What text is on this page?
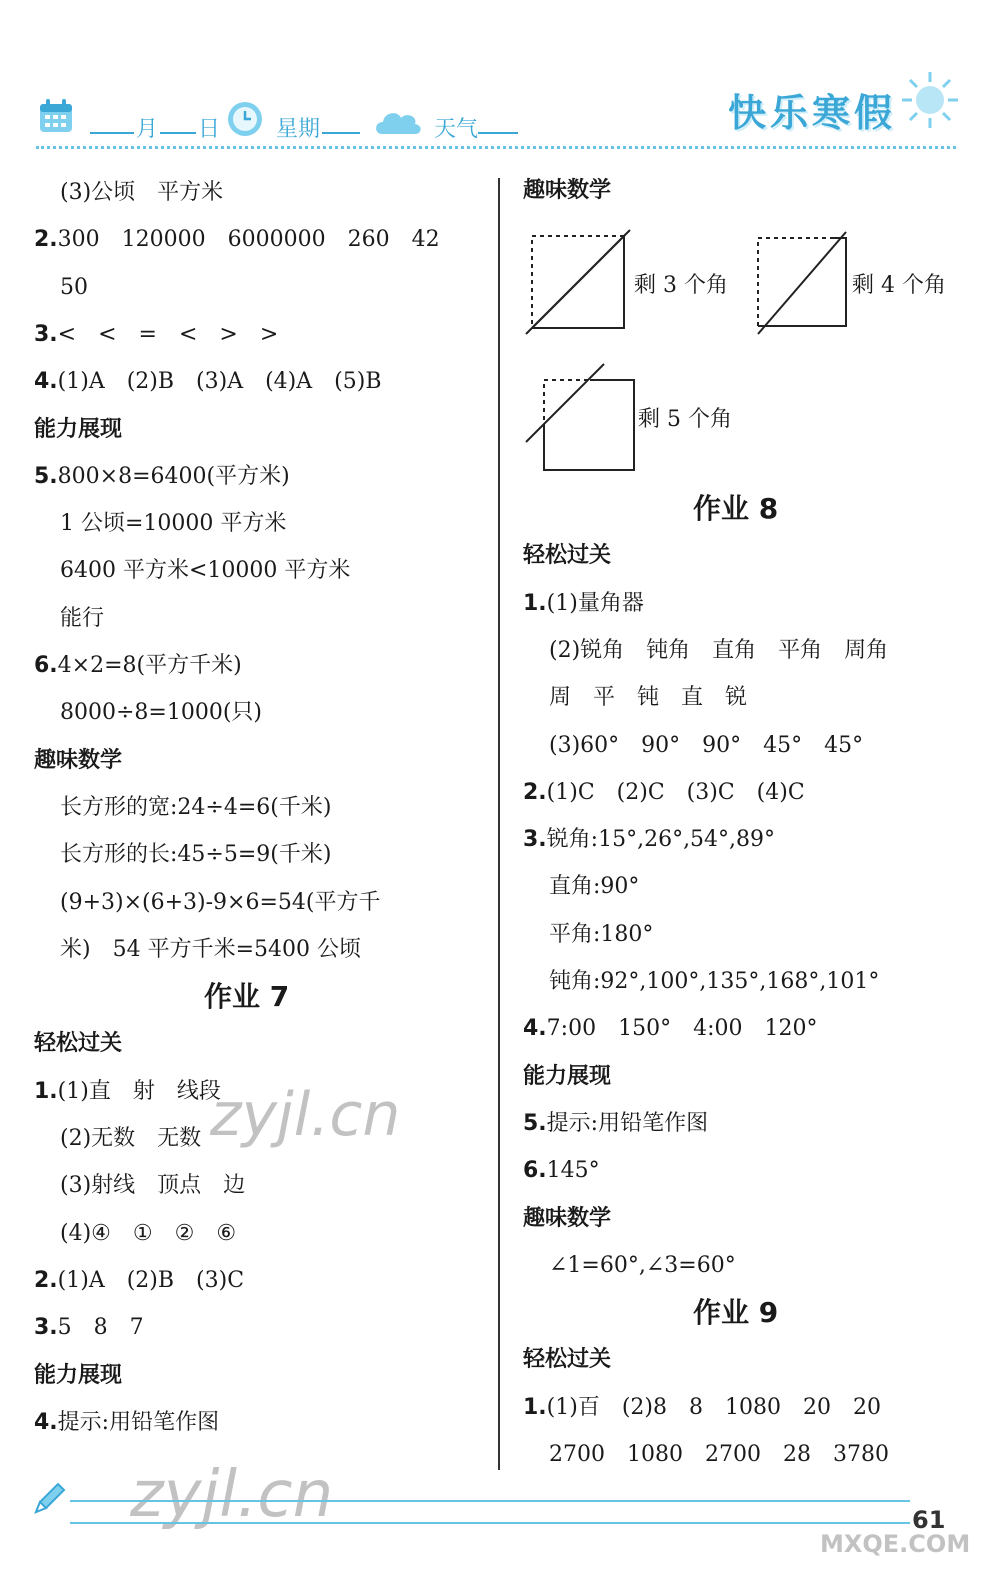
月 日	星期	天气	快乐寒假
(3)公顷　平方米
2.300　120000　6000000　260　42
50
3.<　<　=　<　>　>
4.(1)A　(2)B　(3)A　(4)A　(5)B
能力展现
5.800×8=6400(平方米)
1 公顷=10000 平方米
6400 平方米<10000 平方米
能行
6.4×2=8(平方千米)
8000÷8=1000(只)
趣味数学
长方形的宽:24÷4=6(千米)
长方形的长:45÷5=9(千米)
(9+3)×(6+3)-9×6=54(平方千
米)　54 平方千米=5400 公顷
作业 7
轻松过关
1.(1)直　射　线段
(2)无数　无数
(3)射线　顶点　边
(4)④　①　②　⑥
2.(1)A　(2)B　(3)C
3.5　8　7
能力展现
4.提示:用铅笔作图
趣味数学
剩 3 个角	剩 4 个角
剩 5 个角
作业 8
轻松过关
1.(1)量角器
(2)锐角　钝角　直角　平角　周角
周　平　钝　直　锐
(3)60°　90°　90°　45°　45°
2.(1)C　(2)C　(3)C　(4)C
3.锐角:15°,26°,54°,89°
直角:90°
平角:180°
钝角:92°,100°,135°,168°,101°
4.7:00　150°　4:00　120°
能力展现
5.提示:用铅笔作图
6.145°
趣味数学
∠1=60°,∠3=60°
作业 9
轻松过关
1.(1)百　(2)8　8　1080　20　20
2700　1080　2700　28　3780
zyjl.cn
zyjl.cn
MXQE.COM
61
